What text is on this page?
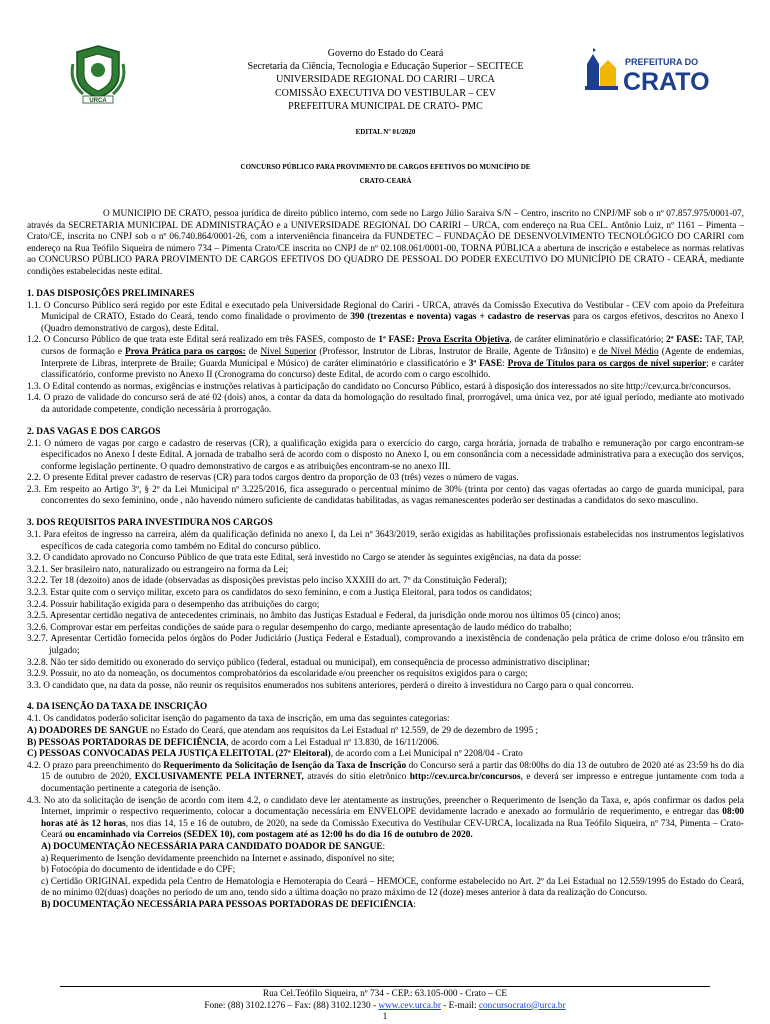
URCA
Governo do Estado do Ceará
Secretaria da Ciência, Tecnologia e Educação Superior – SECITECE
UNIVERSIDADE REGIONAL DO CARIRI – URCA
COMISSÃO EXECUTIVA DO VESTIBULAR – CEV
PREFEITURA MUNICIPAL DE CRATO- PMC
PREFEITURA DO
CRATO
EDITAL Nº 01/2020
CONCURSO PÚBLICO PARA PROVIMENTO DE CARGOS EFETIVOS DO MUNICÍPIO DE
CRATO-CEARÁ

O MUNICIPIO DE CRATO, pessoa jurídica de direito público interno, com sede no Largo Júlio Saraiva S/N – Centro, inscrito no CNPJ/MF sob o nº 07.857.975/0001-07, através da SECRETARIA MUNICIPAL DE ADMINISTRAÇÃO e a UNIVERSIDADE REGIONAL DO CARIRI – URCA, com endereço na Rua CEL. Antônio Luiz, nº 1161 – Pimenta – Crato/CE, inscrita no CNPJ sob o nº 06.740.864/0001-26, com a interveniência financeira da FUNDETEC – FUNDAÇÃO DE DESENVOLVIMENTO TECNOLÓGICO DO CARIRI com endereço na Rua Teófilo Siqueira de número 734 – Pimenta Crato/CE inscrita no CNPJ de nº 02.108.061/0001-00, TORNA PÚBLICA a abertura de inscrição e estabelece as normas relativas ao CONCURSO PÚBLICO PARA PROVIMENTO DE CARGOS EFETIVOS DO QUADRO DE PESSOAL DO PODER EXECUTIVO DO MUNICÍPIO DE CRATO - CEARÁ, mediante condições estabelecidas neste edital.

1. DAS DISPOSIÇÕES PRELIMINARES
1.1. O Concurso Público será regido por este Edital e executado pela Universidade Regional do Cariri - URCA, através da Comissão Executiva do Vestibular - CEV com apoio da Prefeitura Municipal de CRATO, Estado do Ceará, tendo como finalidade o provimento de 390 (trezentas e noventa) vagas + cadastro de reservas para os cargos efetivos, descritos no Anexo I (Quadro demonstrativo de cargos), deste Edital.
1.2. O Concurso Público de que trata este Edital será realizado em três FASES, composto de 1ª FASE: Prova Escrita Objetiva, de caráter eliminatório e classificatório; 2ª FASE: TAF, TAP, cursos de formação e Prova Prática para os cargos: de Nível Superior (Professor, Instrutor de Libras, Instrutor de Braile, Agente de Trânsito) e de Nível Médio (Agente de endemias, Interprete de Libras, interprete de Braile; Guarda Municipal e Músico) de caráter eliminatório e classificatório e 3ª FASE: Prova de Títulos para os cargos de nível superior; e caráter classificatório, conforme previsto no Anexo II (Cronograma do concurso) deste Edital, de acordo com o cargo escolhido.
1.3. O Edital contendo as normas, exigências e instruções relativas à participação do candidato no Concurso Público, estará à disposição dos interessados no site http://cev.urca.br/concursos.
1.4. O prazo de validade do concurso será de até 02 (dois) anos, a contar da data da homologação do resultado final, prorrogável, uma única vez, por até igual período, mediante ato motivado da autoridade competente, condição necessária à prorrogação.
2. DAS VAGAS E DOS CARGOS
2.1. O número de vagas por cargo e cadastro de reservas (CR), a qualificação exigida para o exercício do cargo, carga horária, jornada de trabalho e remuneração por cargo encontram-se especificados no Anexo I deste Edital. A jornada de trabalho será de acordo com o disposto no Anexo I, ou em consonância com a necessidade administrativa para a execução dos serviços, conforme legislação pertinente. O quadro demonstrativo de cargos e as atribuições encontram-se no anexo III.
2.2. O presente Edital prever cadastro de reservas (CR) para todos cargos dentro da proporção de 03 (três) vezes o número de vagas.
2.3. Em respeito ao Artigo 3º, § 2º da Lei Municipal nº 3.225/2016, fica assegurado o percentual mínimo de 30% (trinta por cento) das vagas ofertadas ao cargo de guarda municipal, para concorrentes do sexo feminino, onde , não havendo número suficiente de candidatas habilitadas, as vagas remanescentes poderão ser destinadas a candidatos do sexo masculino.
3. DOS REQUISITOS PARA INVESTIDURA NOS CARGOS
3.1. Para efeitos de ingresso na carreira, além da qualificação definida no anexo I, da Lei nº 3643/2019, serão exigidas as habilitações profissionais estabelecidas nos instrumentos legislativos específicos de cada categoria como também no Edital do concurso público.
3.2. O candidato aprovado no Concurso Público de que trata este Edital, será investido no Cargo se atender às seguintes exigências, na data da posse:
3.2.1. Ser brasileiro nato, naturalizado ou estrangeiro na forma da Lei;
3.2.2. Ter 18 (dezoito) anos de idade (observadas as disposições previstas pelo inciso XXXIII do art. 7º da Constituição Federal);
3.2.3. Estar quite com o serviço militar, exceto para os candidatos do sexo feminino, e com a Justiça Eleitoral, para todos os candidatos;
3.2.4. Possuir habilitação exigida para o desempenho das atribuições do cargo;
3.2.5. Apresentar certidão negativa de antecedentes criminais, no âmbito das Justiças Estadual e Federal, da jurisdição onde morou nos últimos 05 (cinco) anos;
3.2.6. Comprovar estar em perfeitas condições de saúde para o regular desempenho do cargo, mediante apresentação de laudo médico do trabalho;
3.2.7. Apresentar Certidão fornecida pelos órgãos do Poder Judiciário (Justiça Federal e Estadual), comprovando a inexistência de condenação pela prática de crime doloso e/ou trânsito em julgado;
3.2.8. Não ter sido demitido ou exonerado do serviço público (federal, estadual ou municipal), em consequência de processo administrativo disciplinar;
3.2.9. Possuir, no ato da nomeação, os documentos comprobatórios da escolaridade e/ou preencher os requisitos exigidos para o cargo;
3.3. O candidato que, na data da posse, não reunir os requisitos enumerados nos subitens anteriores, perderá o direito à investidura no Cargo para o qual concorreu.
4. DA ISENÇÃO DA TAXA DE INSCRIÇÃO
4.1. Os candidatos poderão solicitar isenção do pagamento da taxa de inscrição, em uma das seguintes categorias:
A) DOADORES DE SANGUE no Estado do Ceará, que atendam aos requisitos da Lei Estadual nº 12.559, de 29 de dezembro de 1995 ;
B) PESSOAS PORTADORAS DE DEFICIÊNCIA, de acordo com a Lei Estadual nº 13.830, de 16/11/2006.
C) PESSOAS CONVOCADAS PELA JUSTIÇA ELEITOTAL (27ª Eleitoral), de acordo com a Lei Municipal nº 2208/04 - Crato
4.2. O prazo para preenchimento do Requerimento da Solicitação de Isenção da Taxa de Inscrição do Concurso será a partir das 08:00hs do dia 13 de outubro de 2020 até as 23:59 hs do dia 15 de outubro de 2020, EXCLUSIVAMENTE PELA INTERNET, através do sítio eletrônico http://cev.urca.br/concursos, e deverá ser impresso e entregue juntamente com toda a documentação pertinente a categoria de isenção.
4.3. No ato da solicitação de isenção de acordo com item 4.2, o candidato deve ler atentamente as instruções, preencher o Requerimento de Isenção da Taxa, e, após confirmar os dados pela Internet, imprimir o respectivo requerimento, colocar a documentação necessária em ENVELOPE devidamente lacrado e anexado ao formulário de requerimento, e entregar das 08:00 horas até às 12 horas, nos dias 14, 15 e 16 de outubro, de 2020, na sede da Comissão Executiva do Vestibular CEV-URCA, localizada na Rua Teófilo Siqueira, nº 734, Pimenta – Crato-Ceará ou encaminhado via Correios (SEDEX 10), com postagem até as 12:00 hs do dia 16 de outubro de 2020.
A) DOCUMENTAÇÃO NECESSÁRIA PARA CANDIDATO DOADOR DE SANGUE:
a) Requerimento de Isenção devidamente preenchido na Internet e assinado, disponível no site;
b) Fotocópia do documento de identidade e do CPF;
c) Certidão ORIGINAL expedida pela Centro de Hematologia e Hemoterapia do Ceará – HEMOCE, conforme estabelecido no Art. 2º da Lei Estadual no 12.559/1995 do Estado do Ceará, de no mínimo 02(duas) doações no período de um ano, tendo sido a última doação no prazo máximo de 12 (doze) meses anterior à data da realização do Concurso.
B) DOCUMENTAÇÃO NECESSÁRIA PARA PESSOAS PORTADORAS DE DEFICIÊNCIA:
Rua Cel.Teófilo Siqueira, nº 734 - CEP.: 63.105-000 - Crato – CE
Fone: (88) 3102.1276 – Fax: (88) 3102.1230 - www.cev.urca.br - E-mail: concursocrato@urca.br
1
